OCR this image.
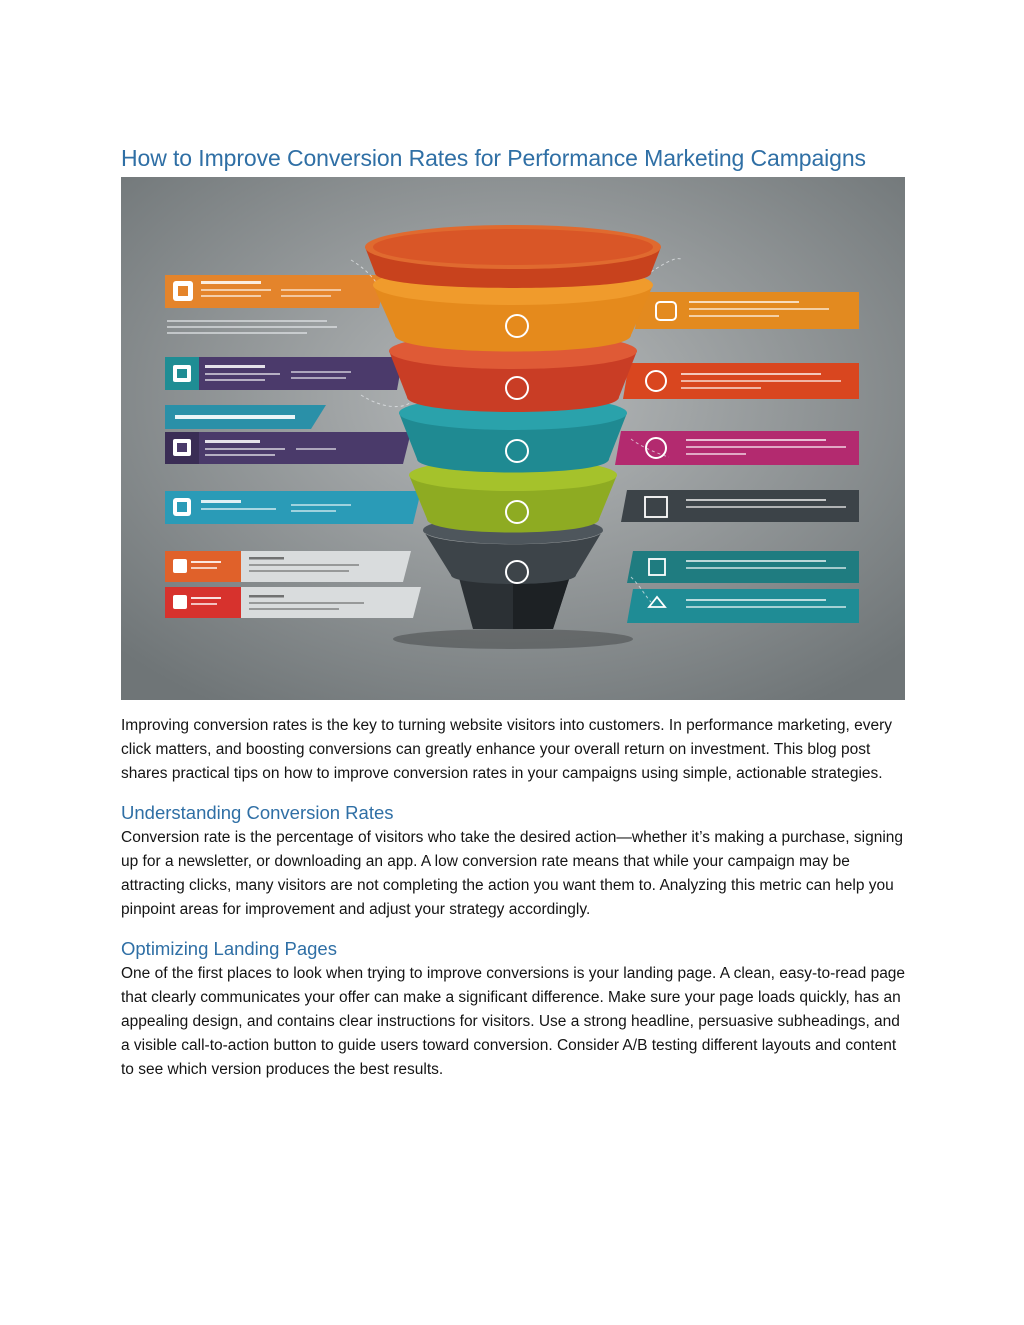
How to Improve Conversion Rates for Performance Marketing Campaigns

Improving conversion rates is the key to turning website visitors into customers. In performance marketing, every click matters, and boosting conversions can greatly enhance your overall return on investment. This blog post shares practical tips on how to improve conversion rates in your campaigns using simple, actionable strategies.

Understanding Conversion Rates

Conversion rate is the percentage of visitors who take the desired action—whether it’s making a purchase, signing up for a newsletter, or downloading an app. A low conversion rate means that while your campaign may be attracting clicks, many visitors are not completing the action you want them to. Analyzing this metric can help you pinpoint areas for improvement and adjust your strategy accordingly.

Optimizing Landing Pages

One of the first places to look when trying to improve conversions is your landing page. A clean, easy-to-read page that clearly communicates your offer can make a significant difference. Make sure your page loads quickly, has an appealing design, and contains clear instructions for visitors. Use a strong headline, persuasive subheadings, and a visible call-to-action button to guide users toward conversion. Consider A/B testing different layouts and content to see which version produces the best results.
